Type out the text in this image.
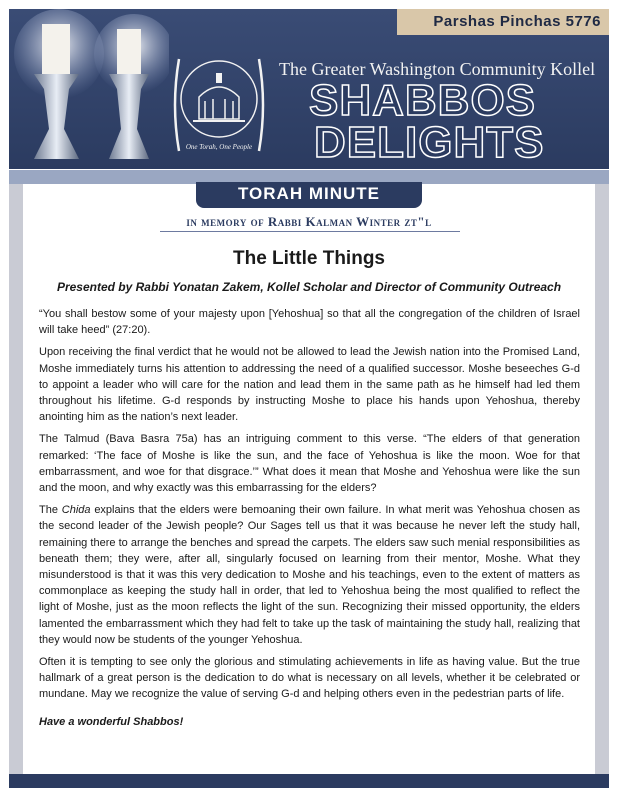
Parshas Pinchas 5776
One Torah, One People
The Greater Washington Community Kollel
SHABBOS
DELIGHTS
TORAH MINUTE
in memory of Rabbi Kalman Winter zt"l
The Little Things
Presented by Rabbi Yonatan Zakem, Kollel Scholar and Director of Community Outreach

“You shall bestow some of your majesty upon [Yehoshua] so that all the congregation of the children of Israel will take heed” (27:20).

Upon receiving the final verdict that he would not be allowed to lead the Jewish nation into the Promised Land, Moshe immediately turns his attention to addressing the need of a qualified successor. Moshe beseeches G-d to appoint a leader who will care for the nation and lead them in the same path as he himself had led them throughout his lifetime. G-d responds by instructing Moshe to place his hands upon Yehoshua, thereby anointing him as the nation’s next leader.

The Talmud (Bava Basra 75a) has an intriguing comment to this verse. “The elders of that generation remarked: ‘The face of Moshe is like the sun, and the face of Yehoshua is like the moon. Woe for that embarrassment, and woe for that disgrace.’” What does it mean that Moshe and Yehoshua were like the sun and the moon, and why exactly was this embarrassing for the elders?

The Chida explains that the elders were bemoaning their own failure. In what merit was Yehoshua chosen as the second leader of the Jewish people? Our Sages tell us that it was because he never left the study hall, remaining there to arrange the benches and spread the carpets. The elders saw such menial responsibilities as beneath them; they were, after all, singularly focused on learning from their mentor, Moshe. What they misunderstood is that it was this very dedication to Moshe and his teachings, even to the extent of matters as commonplace as keeping the study hall in order, that led to Yehoshua being the most qualified to reflect the light of Moshe, just as the moon reflects the light of the sun. Recognizing their missed opportunity, the elders lamented the embarrassment which they had felt to take up the task of maintaining the study hall, realizing that they would now be students of the younger Yehoshua.

Often it is tempting to see only the glorious and stimulating achievements in life as having value. But the true hallmark of a great person is the dedication to do what is necessary on all levels, whether it be celebrated or mundane. May we recognize the value of serving G-d and helping others even in the pedestrian parts of life.

Have a wonderful Shabbos!
